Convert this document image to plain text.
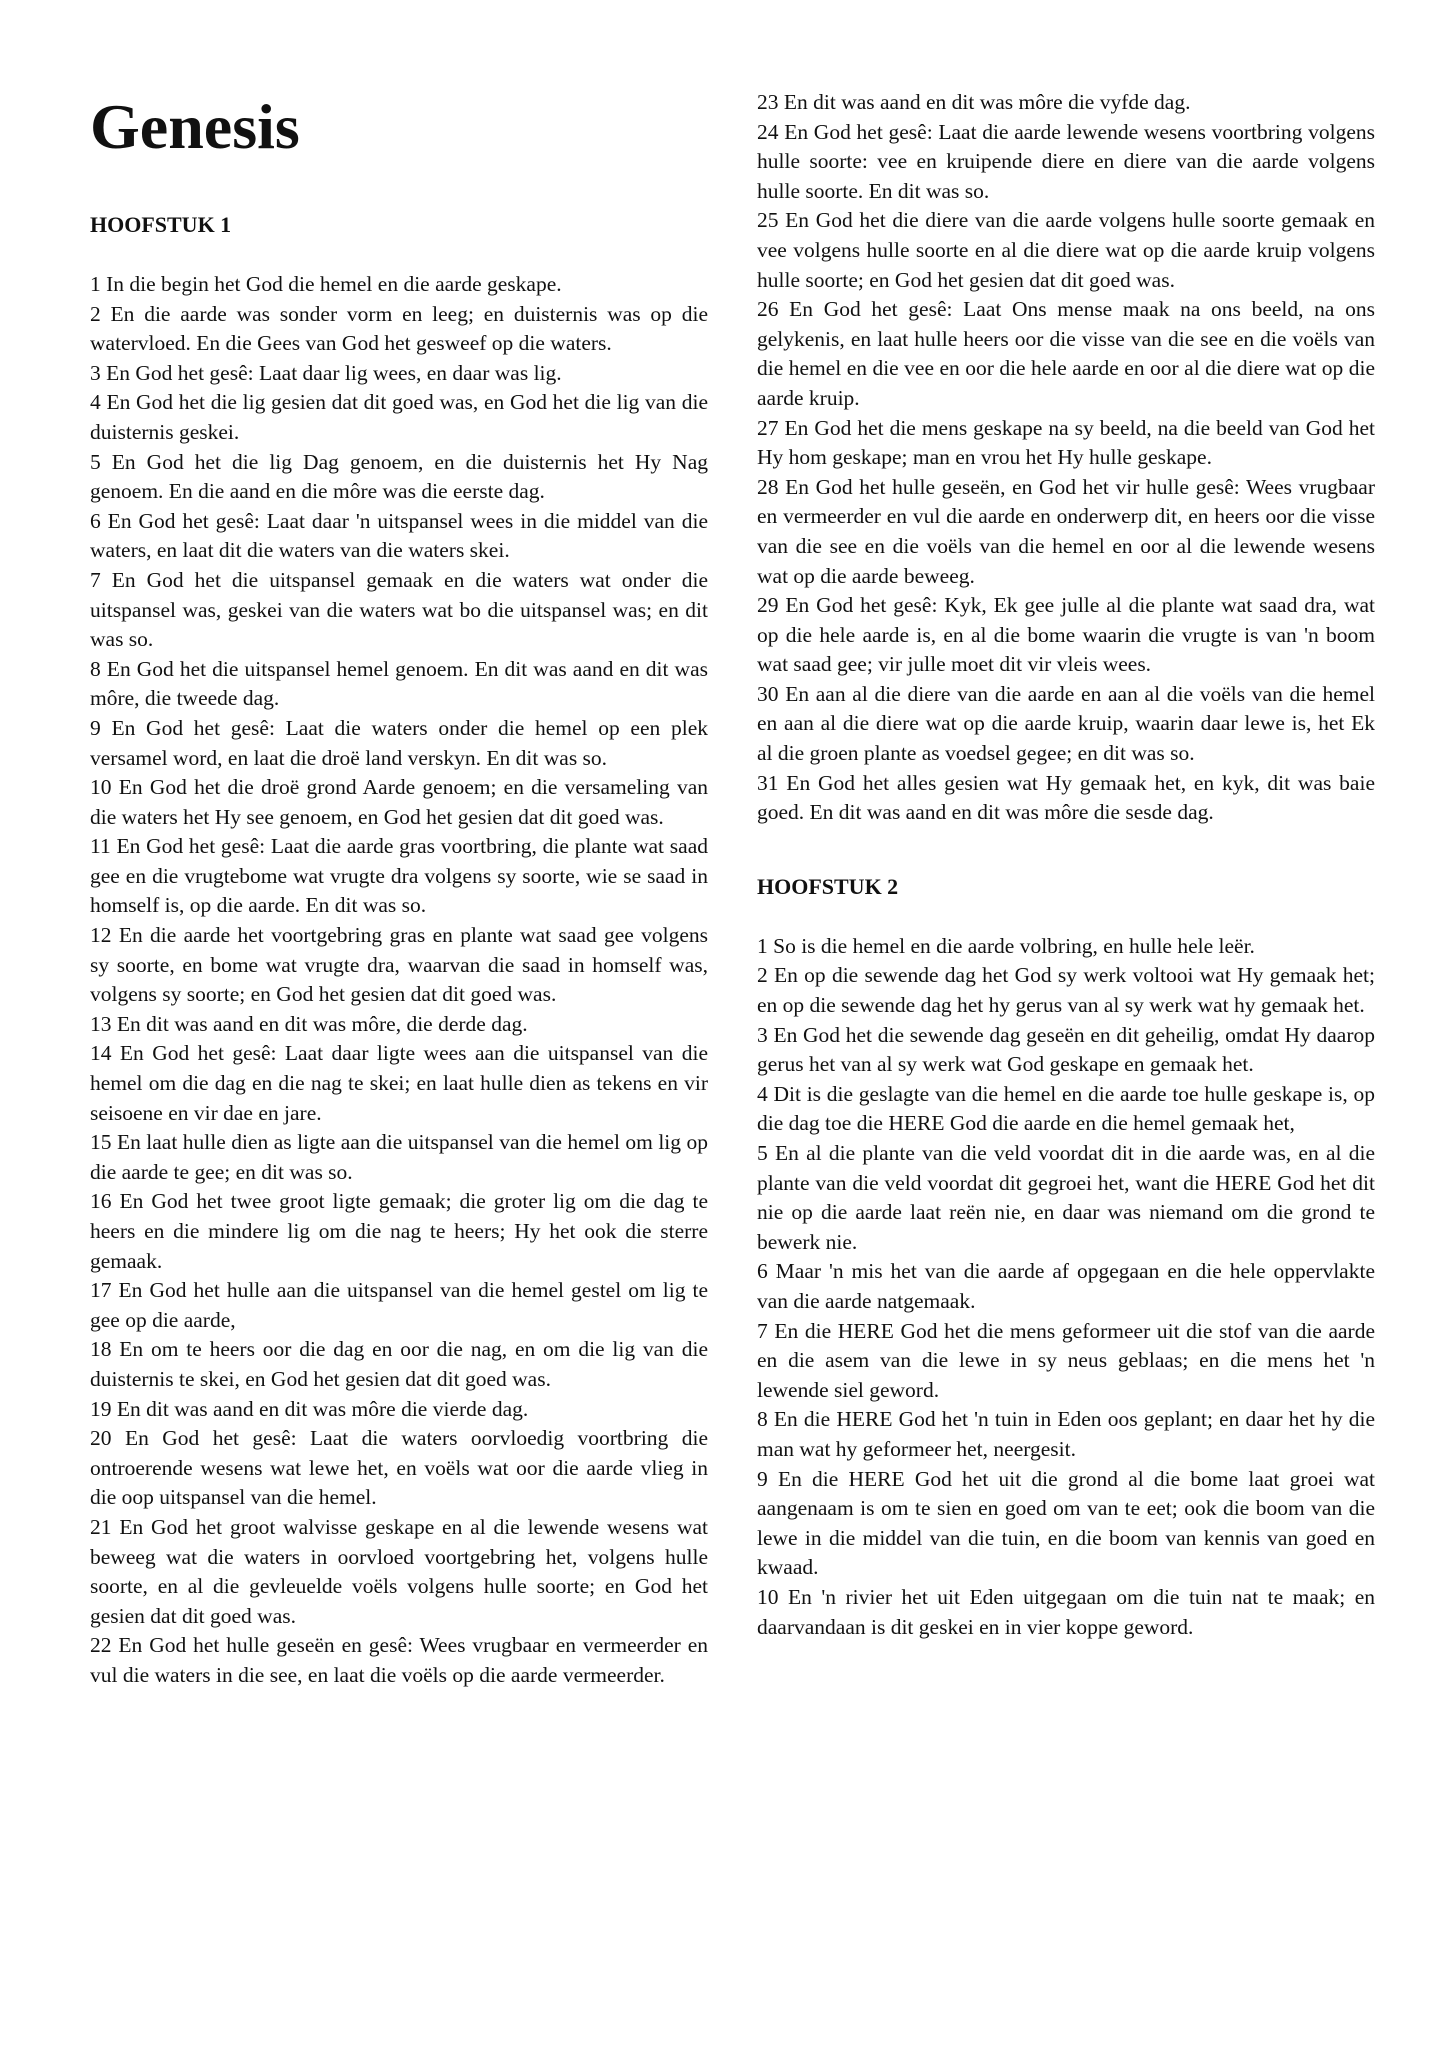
Genesis
HOOFSTUK 1

1 In die begin het God die hemel en die aarde geskape.

2 En die aarde was sonder vorm en leeg; en duisternis was op die watervloed. En die Gees van God het gesweef op die waters.

3 En God het gesê: Laat daar lig wees, en daar was lig.

4 En God het die lig gesien dat dit goed was, en God het die lig van die duisternis geskei.

5 En God het die lig Dag genoem, en die duisternis het Hy Nag genoem. En die aand en die môre was die eerste dag.

6 En God het gesê: Laat daar 'n uitspansel wees in die middel van die waters, en laat dit die waters van die waters skei.

7 En God het die uitspansel gemaak en die waters wat onder die uitspansel was, geskei van die waters wat bo die uitspansel was; en dit was so.

8 En God het die uitspansel hemel genoem. En dit was aand en dit was môre, die tweede dag.

9 En God het gesê: Laat die waters onder die hemel op een plek versamel word, en laat die droë land verskyn. En dit was so.

10 En God het die droë grond Aarde genoem; en die versameling van die waters het Hy see genoem, en God het gesien dat dit goed was.

11 En God het gesê: Laat die aarde gras voortbring, die plante wat saad gee en die vrugtebome wat vrugte dra volgens sy soorte, wie se saad in homself is, op die aarde. En dit was so.

12 En die aarde het voortgebring gras en plante wat saad gee volgens sy soorte, en bome wat vrugte dra, waarvan die saad in homself was, volgens sy soorte; en God het gesien dat dit goed was.

13 En dit was aand en dit was môre, die derde dag.

14 En God het gesê: Laat daar ligte wees aan die uitspansel van die hemel om die dag en die nag te skei; en laat hulle dien as tekens en vir seisoene en vir dae en jare.

15 En laat hulle dien as ligte aan die uitspansel van die hemel om lig op die aarde te gee; en dit was so.

16 En God het twee groot ligte gemaak; die groter lig om die dag te heers en die mindere lig om die nag te heers; Hy het ook die sterre gemaak.

17 En God het hulle aan die uitspansel van die hemel gestel om lig te gee op die aarde,

18 En om te heers oor die dag en oor die nag, en om die lig van die duisternis te skei, en God het gesien dat dit goed was.

19 En dit was aand en dit was môre die vierde dag.

20 En God het gesê: Laat die waters oorvloedig voortbring die ontroerende wesens wat lewe het, en voëls wat oor die aarde vlieg in die oop uitspansel van die hemel.

21 En God het groot walvisse geskape en al die lewende wesens wat beweeg wat die waters in oorvloed voortgebring het, volgens hulle soorte, en al die gevleuelde voëls volgens hulle soorte; en God het gesien dat dit goed was.

22 En God het hulle geseën en gesê: Wees vrugbaar en vermeerder en vul die waters in die see, en laat die voëls op die aarde vermeerder.

23 En dit was aand en dit was môre die vyfde dag.

24 En God het gesê: Laat die aarde lewende wesens voortbring volgens hulle soorte: vee en kruipende diere en diere van die aarde volgens hulle soorte. En dit was so.

25 En God het die diere van die aarde volgens hulle soorte gemaak en vee volgens hulle soorte en al die diere wat op die aarde kruip volgens hulle soorte; en God het gesien dat dit goed was.

26 En God het gesê: Laat Ons mense maak na ons beeld, na ons gelykenis, en laat hulle heers oor die visse van die see en die voëls van die hemel en die vee en oor die hele aarde en oor al die diere wat op die aarde kruip.

27 En God het die mens geskape na sy beeld, na die beeld van God het Hy hom geskape; man en vrou het Hy hulle geskape.

28 En God het hulle geseën, en God het vir hulle gesê: Wees vrugbaar en vermeerder en vul die aarde en onderwerp dit, en heers oor die visse van die see en die voëls van die hemel en oor al die lewende wesens wat op die aarde beweeg.

29 En God het gesê: Kyk, Ek gee julle al die plante wat saad dra, wat op die hele aarde is, en al die bome waarin die vrugte is van 'n boom wat saad gee; vir julle moet dit vir vleis wees.

30 En aan al die diere van die aarde en aan al die voëls van die hemel en aan al die diere wat op die aarde kruip, waarin daar lewe is, het Ek al die groen plante as voedsel gegee; en dit was so.

31 En God het alles gesien wat Hy gemaak het, en kyk, dit was baie goed. En dit was aand en dit was môre die sesde dag.

HOOFSTUK 2

1 So is die hemel en die aarde volbring, en hulle hele leër.

2 En op die sewende dag het God sy werk voltooi wat Hy gemaak het; en op die sewende dag het hy gerus van al sy werk wat hy gemaak het.

3 En God het die sewende dag geseën en dit geheilig, omdat Hy daarop gerus het van al sy werk wat God geskape en gemaak het.

4 Dit is die geslagte van die hemel en die aarde toe hulle geskape is, op die dag toe die HERE God die aarde en die hemel gemaak het,

5 En al die plante van die veld voordat dit in die aarde was, en al die plante van die veld voordat dit gegroei het, want die HERE God het dit nie op die aarde laat reën nie, en daar was niemand om die grond te bewerk nie.

6 Maar 'n mis het van die aarde af opgegaan en die hele oppervlakte van die aarde natgemaak.

7 En die HERE God het die mens geformeer uit die stof van die aarde en die asem van die lewe in sy neus geblaas; en die mens het 'n lewende siel geword.

8 En die HERE God het 'n tuin in Eden oos geplant; en daar het hy die man wat hy geformeer het, neergesit.

9 En die HERE God het uit die grond al die bome laat groei wat aangenaam is om te sien en goed om van te eet; ook die boom van die lewe in die middel van die tuin, en die boom van kennis van goed en kwaad.

10 En 'n rivier het uit Eden uitgegaan om die tuin nat te maak; en daarvandaan is dit geskei en in vier koppe geword.
